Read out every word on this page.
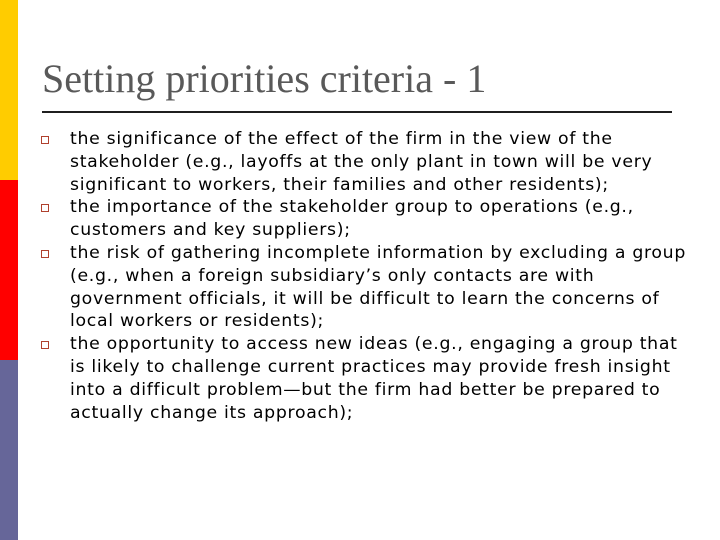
Setting priorities criteria - 1
the significance of the effect of the firm in the view of the stakeholder (e.g., layoffs at the only plant in town will be very significant to workers, their families and other residents);
the importance of the stakeholder group to operations (e.g., customers and key suppliers);
the risk of gathering incomplete information by excluding a group (e.g., when a foreign subsidiary’s only contacts are with government officials, it will be difficult to learn the concerns of local workers or residents);
the opportunity to access new ideas (e.g., engaging a group that is likely to challenge current practices may provide fresh insight into a difficult problem—but the firm had better be prepared to actually change its approach);
